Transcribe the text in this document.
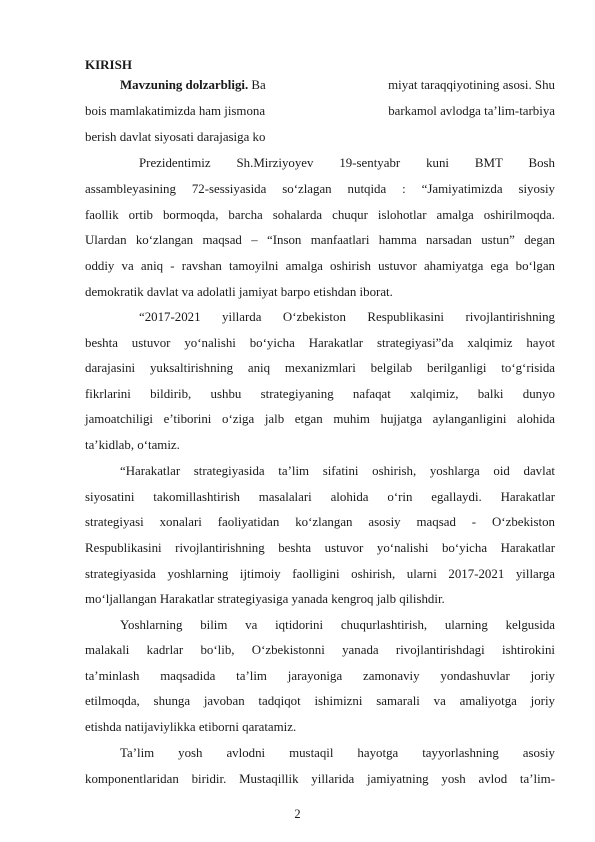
KIRISH
Mavzuning dolzarbligi. Ba	miyat taraqqiyotining asosi. Shu
bois mamlakatimizda ham jismona	barkamol avlodga ta’lim-tarbiya
berish davlat siyosati darajasiga ko
Prezidentimiz Sh.Mirziyoyev 19-sentyabr kuni BMT Bosh
assambleyasining 72-sessiyasida so‘zlagan nutqida : “Jamiyatimizda siyosiy
faollik ortib bormoqda, barcha sohalarda chuqur islohotlar amalga oshirilmoqda.
Ulardan ko‘zlangan maqsad – “Inson manfaatlari hamma narsadan ustun” degan
oddiy va aniq - ravshan tamoyilni amalga oshirish ustuvor ahamiyatga ega bo‘lgan
demokratik davlat va adolatli jamiyat barpo etishdan iborat.
“2017-2021 yillarda O‘zbekiston Respublikasini rivojlantirishning
beshta ustuvor yo‘nalishi bo‘yicha Harakatlar strategiyasi”da xalqimiz hayot
darajasini yuksaltirishning aniq mexanizmlari belgilab berilganligi to‘g‘risida
fikrlarini bildirib, ushbu strategiyaning nafaqat xalqimiz, balki dunyo
jamoatchiligi e’tiborini o‘ziga jalb etgan muhim hujjatga aylanganligini alohida
ta’kidlab, o‘tamiz.
“Harakatlar strategiyasida ta’lim sifatini oshirish, yoshlarga oid davlat
siyosatini takomillashtirish masalalari alohida o‘rin egallaydi. Harakatlar
strategiyasi xonalari faoliyatidan ko‘zlangan asosiy maqsad - O‘zbekiston
Respublikasini rivojlantirishning beshta ustuvor yo‘nalishi bo‘yicha Harakatlar
strategiyasida yoshlarning ijtimoiy faolligini oshirish, ularni 2017-2021 yillarga
mo‘ljallangan Harakatlar strategiyasiga yanada kengroq jalb qilishdir.
Yoshlarning bilim va iqtidorini chuqurlashtirish, ularning kelgusida
malakali kadrlar bo‘lib, O‘zbekistonni yanada rivojlantirishdagi ishtirokini
ta’minlash maqsadida ta’lim jarayoniga zamonaviy yondashuvlar joriy
etilmoqda, shunga javoban tadqiqot ishimizni samarali va amaliyotga joriy
etishda natijaviylikka etiborni qaratamiz.
Ta’lim yosh avlodni mustaqil hayotga tayyorlashning asosiy
komponentlaridan biridir. Mustaqillik yillarida jamiyatning yosh avlod ta’lim-
2
